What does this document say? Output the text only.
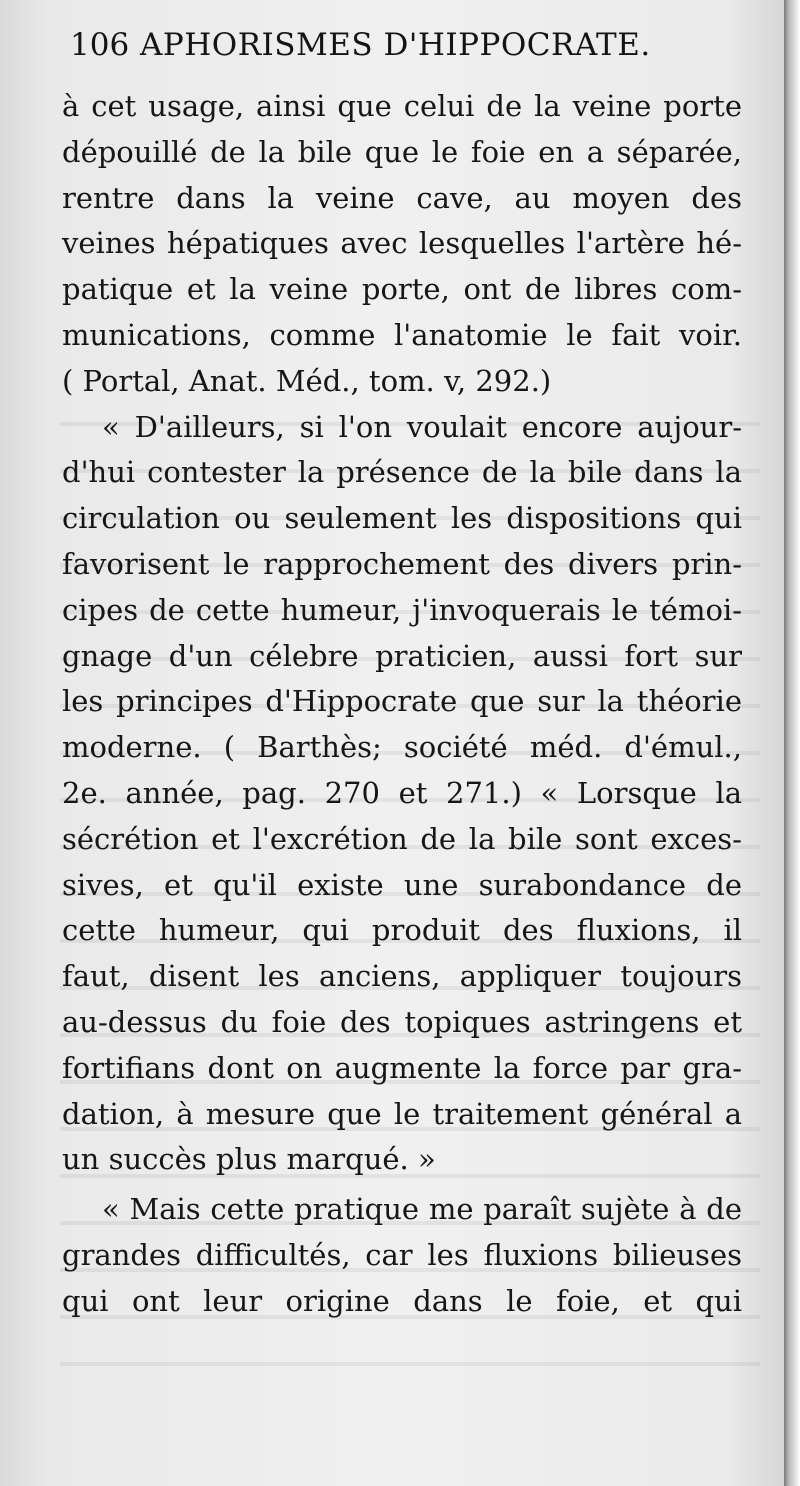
106 APHORISMES D'HIPPOCRATE.
à cet usage, ainsi que celui de la veine porte
dépouillé de la bile que le foie en a séparée,
rentre dans la veine cave, au moyen des
veines hépatiques avec lesquelles l'artère hé-
patique et la veine porte, ont de libres com-
munications, comme l'anatomie le fait voir.
( Portal, Anat. Méd., tom. v, 292.)
« D'ailleurs, si l'on voulait encore aujour-
d'hui contester la présence de la bile dans la
circulation ou seulement les dispositions qui
favorisent le rapprochement des divers prin-
cipes de cette humeur, j'invoquerais le témoi-
gnage d'un célebre praticien, aussi fort sur
les principes d'Hippocrate que sur la théorie
moderne. ( Barthès; société méd. d'émul.,
2e. année, pag. 270 et 271.) « Lorsque la
sécrétion et l'excrétion de la bile sont exces-
sives, et qu'il existe une surabondance de
cette humeur, qui produit des fluxions, il
faut, disent les anciens, appliquer toujours
au-dessus du foie des topiques astringens et
fortifians dont on augmente la force par gra-
dation, à mesure que le traitement général a
un succès plus marqué. »
« Mais cette pratique me paraît sujète à de
grandes difficultés, car les fluxions bilieuses
qui ont leur origine dans le foie, et qui
